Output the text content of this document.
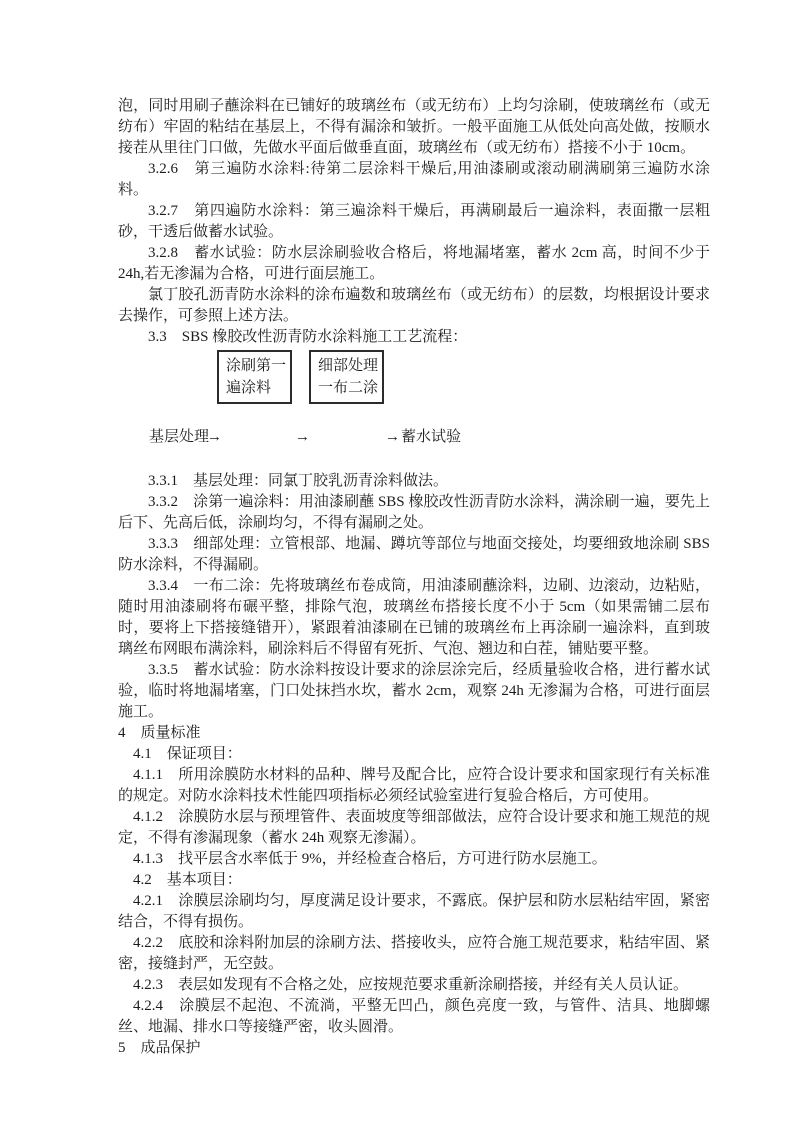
泡，同时用刷子蘸涂料在已铺好的玻璃丝布（或无纺布）上均匀涂刷，使玻璃丝布（或无纺布）牢固的粘结在基层上，不得有漏涂和皱折。一般平面施工从低处向高处做，按顺水接茬从里往门口做，先做水平面后做垂直面，玻璃丝布（或无纺布）搭接不小于 10cm。

3.2.6　第三遍防水涂料:待第二层涂料干燥后,用油漆刷或滚动刷满刷第三遍防水涂料。

3.2.7　第四遍防水涂料：第三遍涂料干燥后，再满刷最后一遍涂料，表面撒一层粗砂，干透后做蓄水试验。

3.2.8　蓄水试验：防水层涂刷验收合格后，将地漏堵塞，蓄水 2cm 高，时间不少于 24h,若无渗漏为合格，可进行面层施工。

氯丁胶孔沥青防水涂料的涂布遍数和玻璃丝布（或无纺布）的层数，均根据设计要求去操作，可参照上述方法。

3.3　SBS 橡胶改性沥青防水涂料施工工艺流程：

涂刷第一
遍涂料
细部处理
一布二涂
基层处理
→	→	→ 蓄水试验

3.3.1　基层处理：同氯丁胶乳沥青涂料做法。

3.3.2　涂第一遍涂料：用油漆刷蘸 SBS 橡胶改性沥青防水涂料，满涂刷一遍，要先上后下、先高后低，涂刷均匀，不得有漏刷之处。

3.3.3　细部处理：立管根部、地漏、蹲坑等部位与地面交接处，均要细致地涂刷 SBS 防水涂料，不得漏刷。

3.3.4　一布二涂：先将玻璃丝布卷成筒，用油漆刷蘸涂料，边刷、边滚动，边粘贴，随时用油漆刷将布碾平整，排除气泡，玻璃丝布搭接长度不小于 5cm（如果需铺二层布时，要将上下搭接缝错开），紧跟着油漆刷在已铺的玻璃丝布上再涂刷一遍涂料，直到玻璃丝布网眼布满涂料，刷涂料后不得留有死折、气泡、翘边和白茬，铺贴要平整。

3.3.5　蓄水试验：防水涂料按设计要求的涂层涂完后，经质量验收合格，进行蓄水试验，临时将地漏堵塞，门口处抹挡水坎，蓄水 2cm，观察 24h 无渗漏为合格，可进行面层施工。

4　质量标准

4.1　保证项目：

4.1.1　所用涂膜防水材料的品种、牌号及配合比，应符合设计要求和国家现行有关标准的规定。对防水涂料技术性能四项指标必须经试验室进行复验合格后，方可使用。

4.1.2　涂膜防水层与预埋管件、表面坡度等细部做法，应符合设计要求和施工规范的规定，不得有渗漏现象（蓄水 24h 观察无渗漏）。

4.1.3　找平层含水率低于 9%，并经检查合格后，方可进行防水层施工。

4.2　基本项目：

4.2.1　涂膜层涂刷均匀，厚度满足设计要求，不露底。保护层和防水层粘结牢固，紧密结合，不得有损伤。

4.2.2　底胶和涂料附加层的涂刷方法、搭接收头，应符合施工规范要求，粘结牢固、紧密，接缝封严，无空鼓。

4.2.3　表层如发现有不合格之处，应按规范要求重新涂刷搭接，并经有关人员认证。

4.2.4　涂膜层不起泡、不流淌，平整无凹凸，颜色亮度一致，与管件、洁具、地脚螺丝、地漏、排水口等接缝严密，收头圆滑。

5　成品保护
